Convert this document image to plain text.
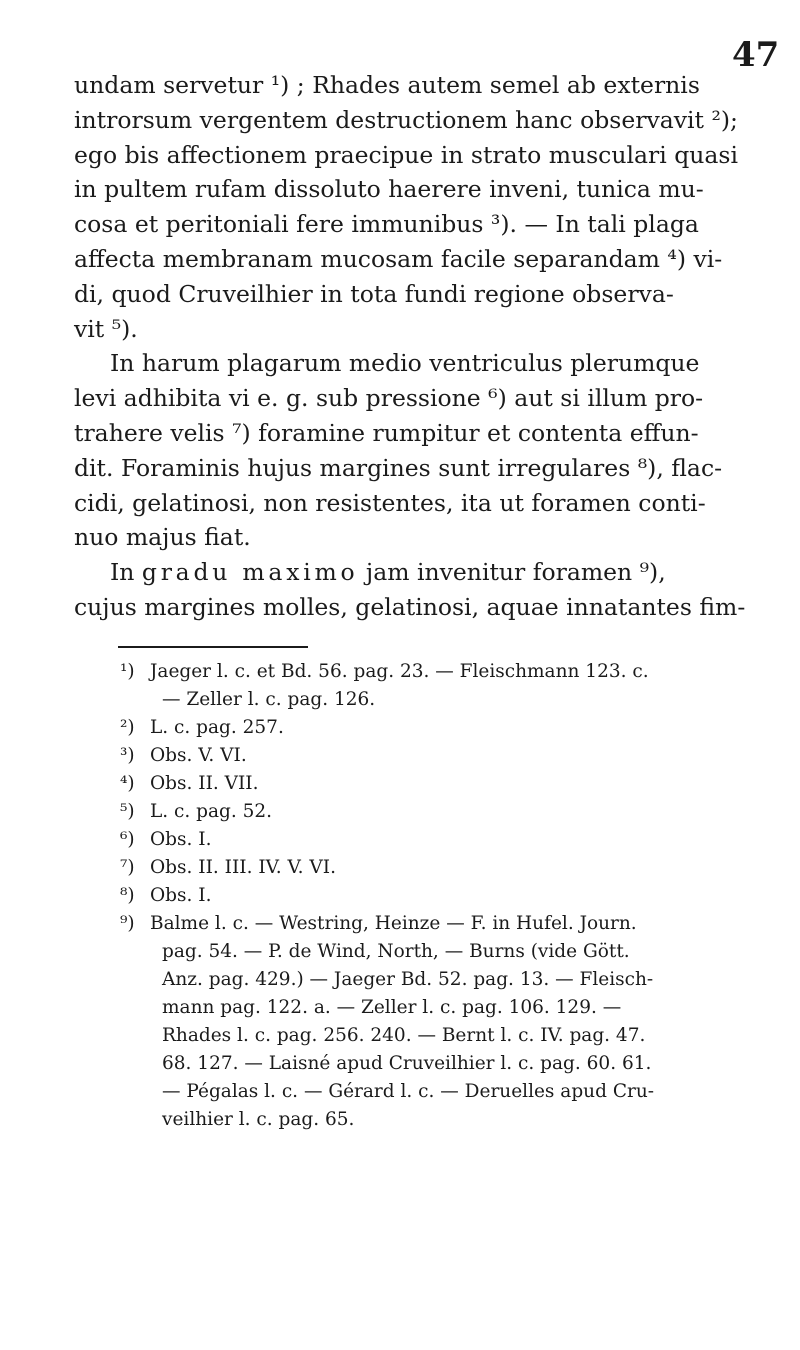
47

undam servetur ¹) ; Rhades autem semel ab externis

introrsum vergentem destructionem hanc observavit ²);

ego bis affectionem praecipue in strato musculari quasi

in pultem rufam dissoluto haerere inveni, tunica mu-

cosa et peritoniali fere immunibus ³). — In tali plaga

affecta membranam mucosam facile separandam ⁴) vi-

di, quod Cruveilhier in tota fundi regione observa-

vit ⁵).

In harum plagarum medio ventriculus plerumque

levi adhibita vi e. g. sub pressione ⁶) aut si illum pro-

trahere velis ⁷) foramine rumpitur et contenta effun-

dit. Foraminis hujus margines sunt irregulares ⁸), flac-

cidi, gelatinosi, non resistentes, ita ut foramen conti-

nuo majus fiat.

In gradu maximo jam invenitur foramen ⁹),

cujus margines molles, gelatinosi, aquae innatantes fim-

¹) Jaeger l. c. et Bd. 56. pag. 23. — Fleischmann 123. c.

— Zeller l. c. pag. 126.

²) L. c. pag. 257.

³) Obs. V. VI.

⁴) Obs. II. VII.

⁵) L. c. pag. 52.

⁶) Obs. I.

⁷) Obs. II. III. IV. V. VI.

⁸) Obs. I.

⁹) Balme l. c. — Westring, Heinze — F. in Hufel. Journ.

pag. 54. — P. de Wind, North, — Burns (vide Gött.

Anz. pag. 429.) — Jaeger Bd. 52. pag. 13. — Fleisch-

mann pag. 122. a. — Zeller l. c. pag. 106. 129. —

Rhades l. c. pag. 256. 240. — Bernt l. c. IV. pag. 47.

68. 127. — Laisné apud Cruveilhier l. c. pag. 60. 61.

— Pégalas l. c. — Gérard l. c. — Deruelles apud Cru-

veilhier l. c. pag. 65.
